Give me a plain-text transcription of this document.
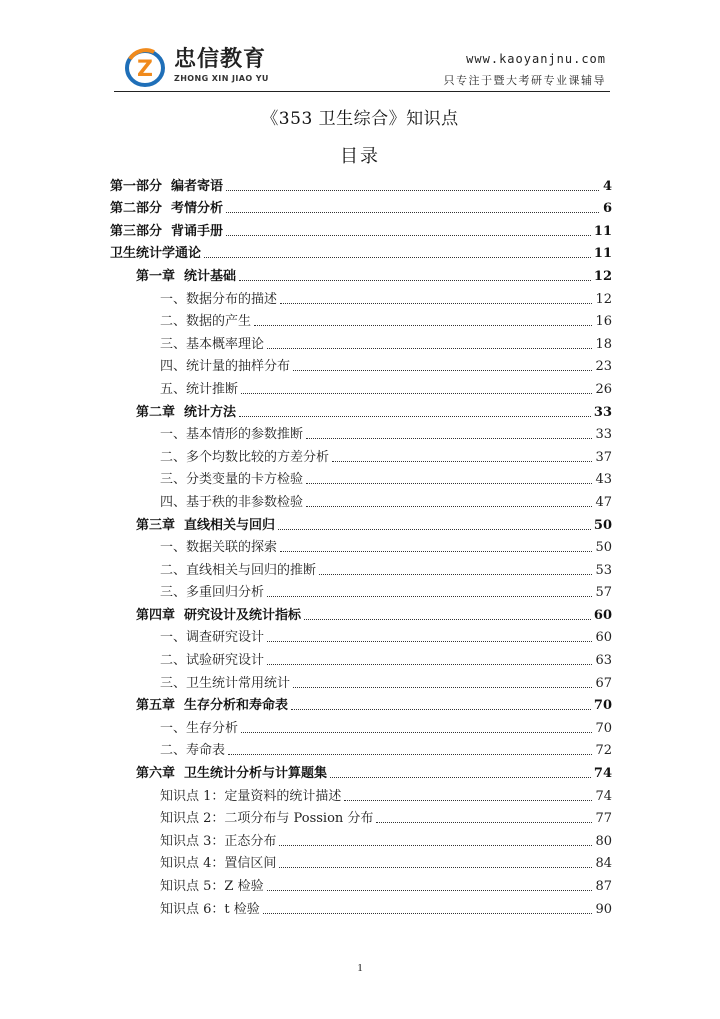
Z 忠信教育
ZHONG XIN JIAO YU
www.kaoyanjnu.com
只专注于暨大考研专业课辅导
《353 卫生综合》知识点
目录
第一部分  编者寄语	4
第二部分  考情分析	6
第三部分  背诵手册	11
卫生统计学通论	11
第一章  统计基础	12
一、数据分布的描述	12
二、数据的产生	16
三、基本概率理论	18
四、统计量的抽样分布	23
五、统计推断	26
第二章  统计方法	33
一、基本情形的参数推断	33
二、多个均数比较的方差分析	37
三、分类变量的卡方检验	43
四、基于秩的非参数检验	47
第三章  直线相关与回归	50
一、数据关联的探索	50
二、直线相关与回归的推断	53
三、多重回归分析	57
第四章  研究设计及统计指标	60
一、调查研究设计	60
二、试验研究设计	63
三、卫生统计常用统计	67
第五章  生存分析和寿命表	70
一、生存分析	70
二、寿命表	72
第六章  卫生统计分析与计算题集	74
知识点 1：定量资料的统计描述	74
知识点 2：二项分布与 Possion 分布	77
知识点 3：正态分布	80
知识点 4：置信区间	84
知识点 5：Z 检验	87
知识点 6：t 检验	90
1
